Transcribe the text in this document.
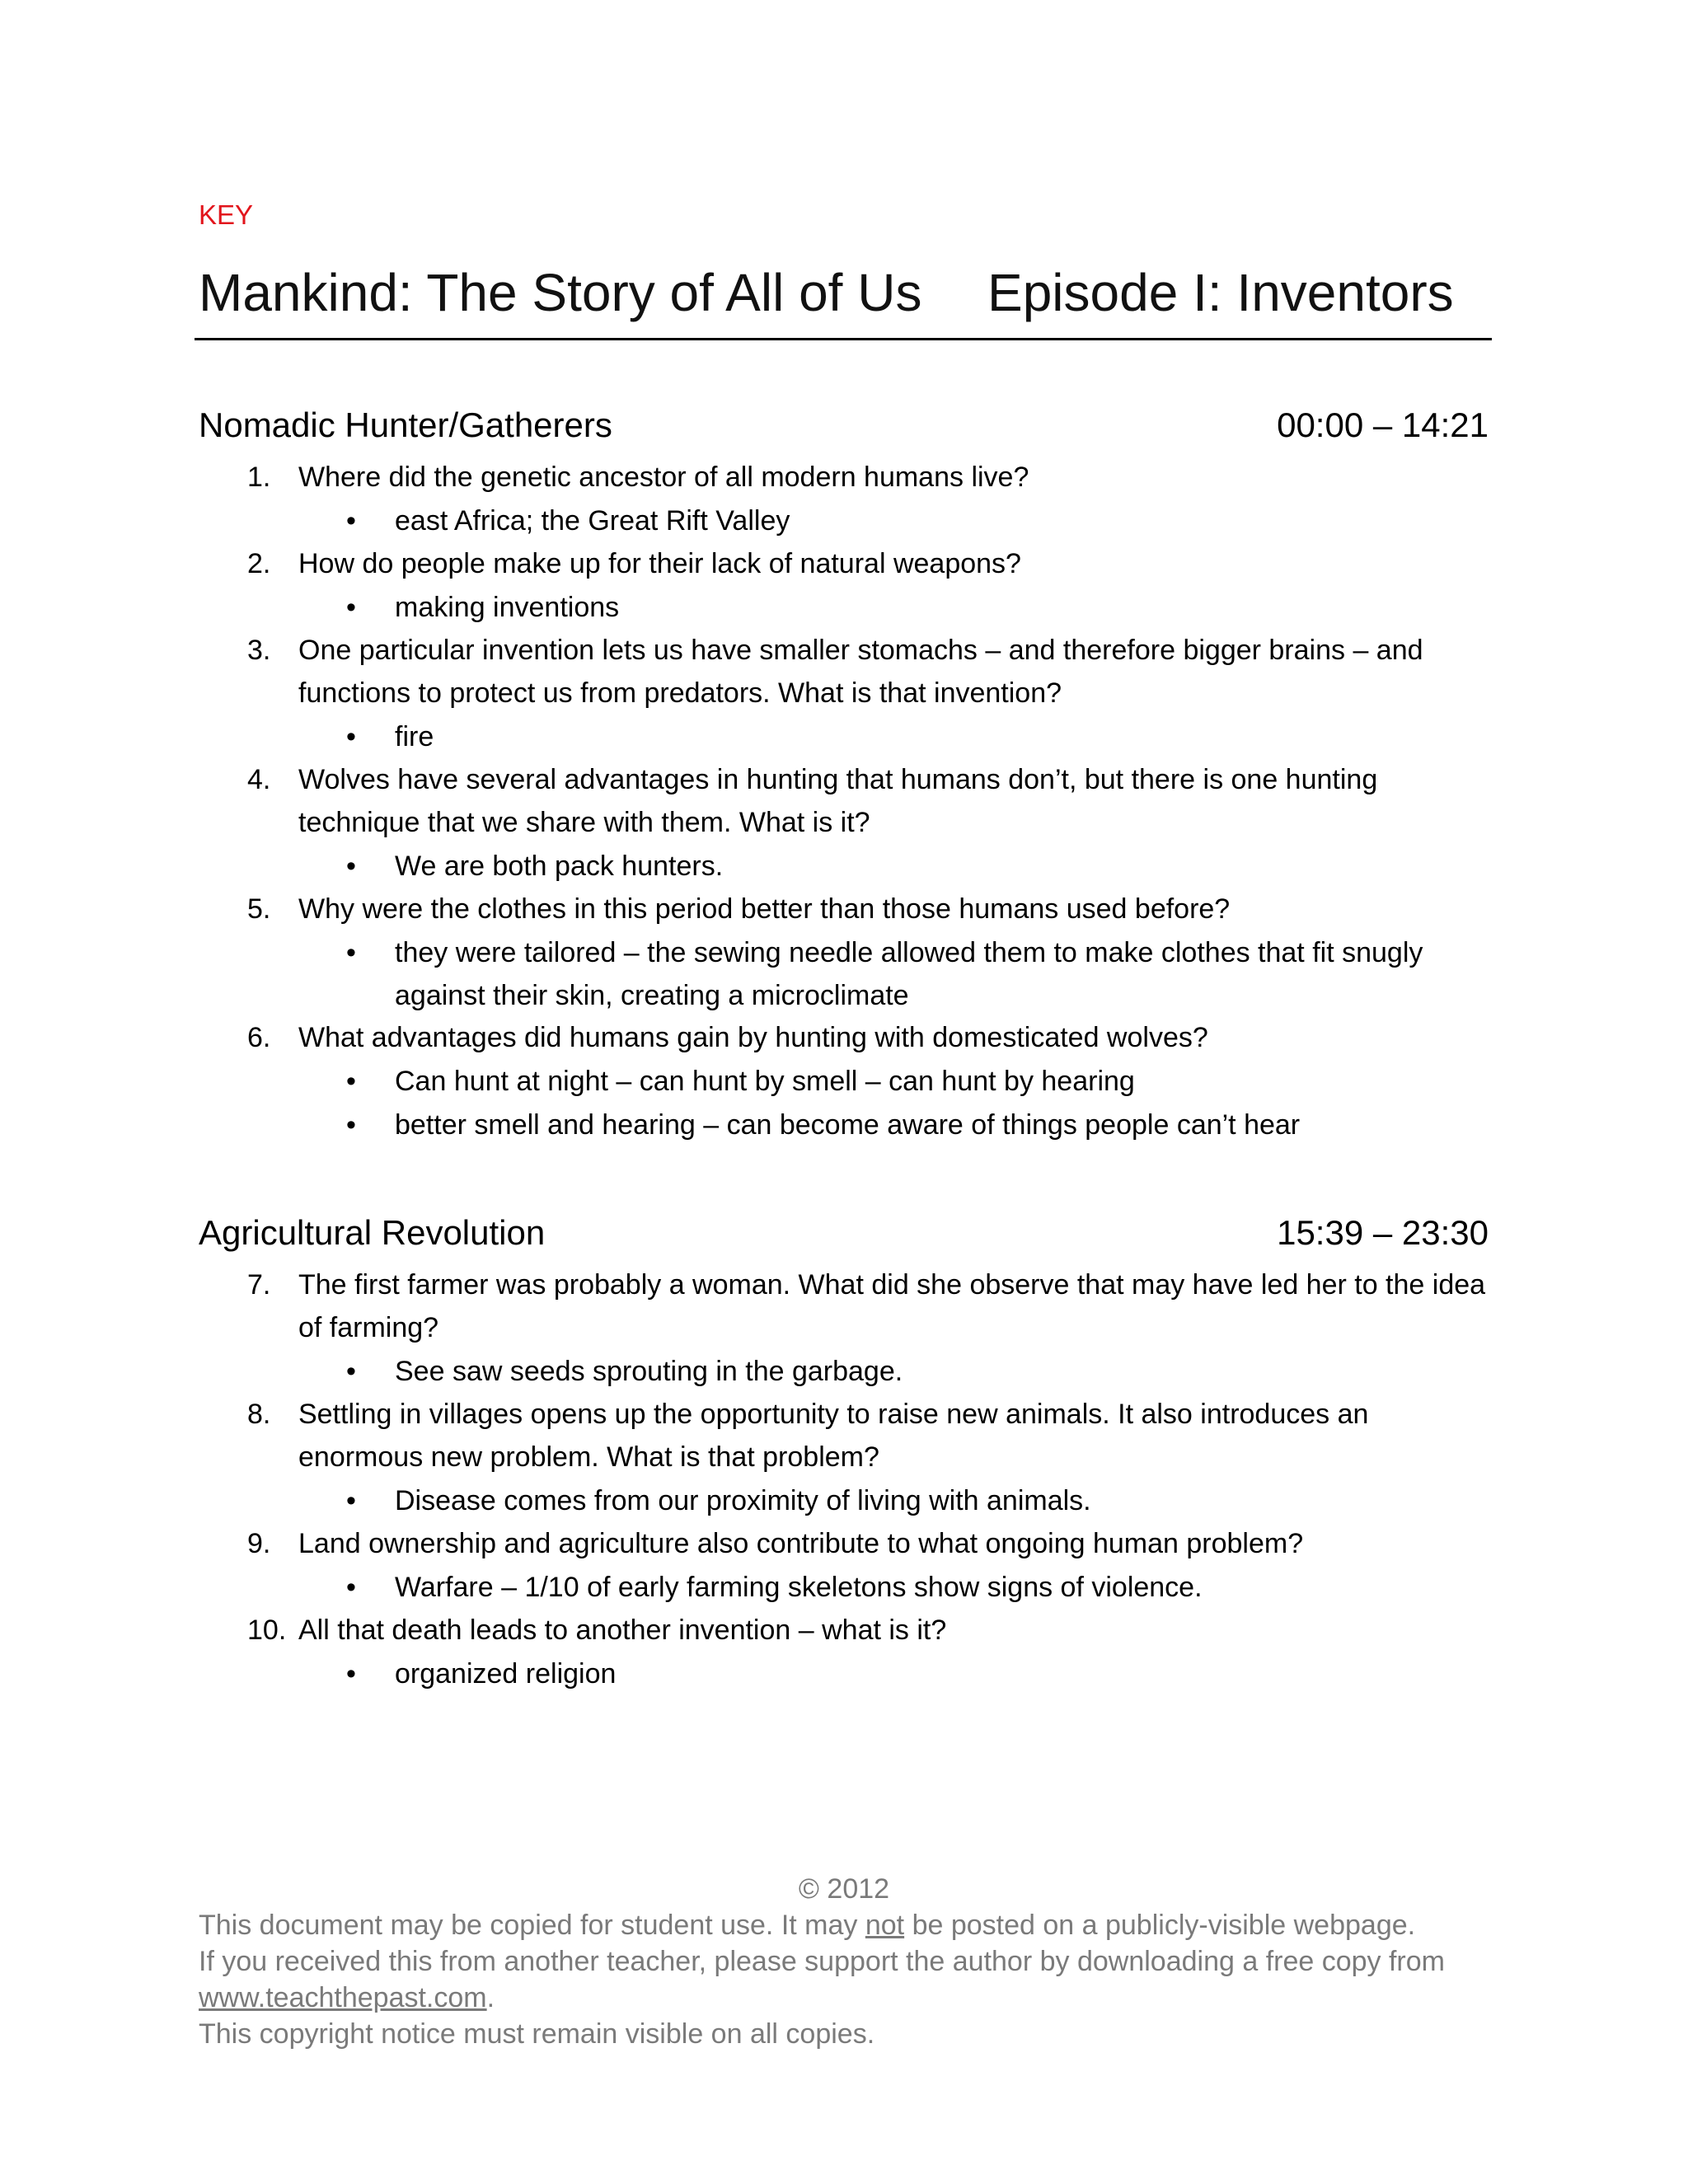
KEY
Mankind: The Story of All of Us Episode I: Inventors
Nomadic Hunter/Gatherers	00:00 – 14:21
1. Where did the genetic ancestor of all modern humans live?
•	east Africa; the Great Rift Valley
2. How do people make up for their lack of natural weapons?
•	making inventions
3. One particular invention lets us have smaller stomachs – and therefore bigger brains – and
functions to protect us from predators. What is that invention?
•	fire
4. Wolves have several advantages in hunting that humans don’t, but there is one hunting
technique that we share with them. What is it?
•	We are both pack hunters.
5. Why were the clothes in this period better than those humans used before?
•	they were tailored – the sewing needle allowed them to make clothes that fit snugly
against their skin, creating a microclimate
6. What advantages did humans gain by hunting with domesticated wolves?
•	Can hunt at night – can hunt by smell – can hunt by hearing
•	better smell and hearing – can become aware of things people can’t hear
Agricultural Revolution	15:39 – 23:30
7. The first farmer was probably a woman. What did she observe that may have led her to the idea
of farming?
•	See saw seeds sprouting in the garbage.
8. Settling in villages opens up the opportunity to raise new animals. It also introduces an
enormous new problem. What is that problem?
•	Disease comes from our proximity of living with animals.
9. Land ownership and agriculture also contribute to what ongoing human problem?
•	Warfare – 1/10 of early farming skeletons show signs of violence.
10. All that death leads to another invention – what is it?
•	organized religion
© 2012
This document may be copied for student use. It may not be posted on a publicly-visible webpage.
If you received this from another teacher, please support the author by downloading a free copy from
www.teachthepast.com.
This copyright notice must remain visible on all copies.
